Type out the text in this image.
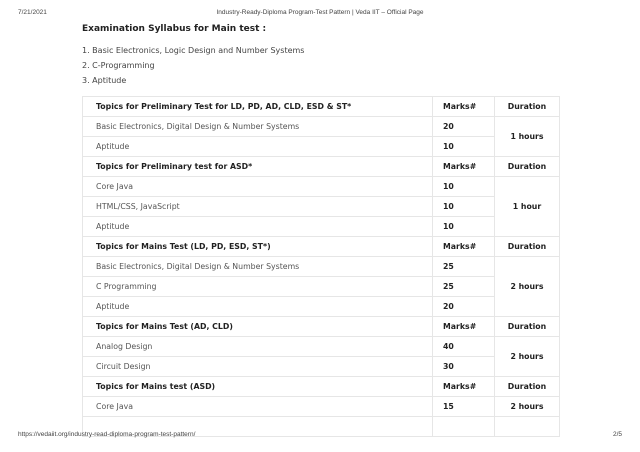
7/21/2021	Industry-Ready-Diploma Program-Test Pattern | Veda IIT – Official Page
Examination Syllabus for Main test :
1. Basic Electronics, Logic Design and Number Systems
2. C-Programming
3. Aptitude
Topics for Preliminary Test for LD, PD, AD, CLD, ESD & ST*	Marks#	Duration
Basic Electronics, Digital Design & Number Systems	20	1 hours
Aptitude	10	
Topics for Preliminary test for ASD*	Marks#	Duration
Core Java	10	1 hour
HTML/CSS, JavaScript	10	
Aptitude	10	
Topics for Mains Test (LD, PD, ESD, ST*)	Marks#	Duration
Basic Electronics, Digital Design & Number Systems	25	2 hours
C Programming	25	
Aptitude	20	
Topics for Mains Test (AD, CLD)	Marks#	Duration
Analog Design	40	2 hours
Circuit Design	30	
Topics for Mains test (ASD)	Marks#	Duration
Core Java	15	2 hours

https://vedaiit.org/industry-read-diploma-program-test-pattern/	2/5
